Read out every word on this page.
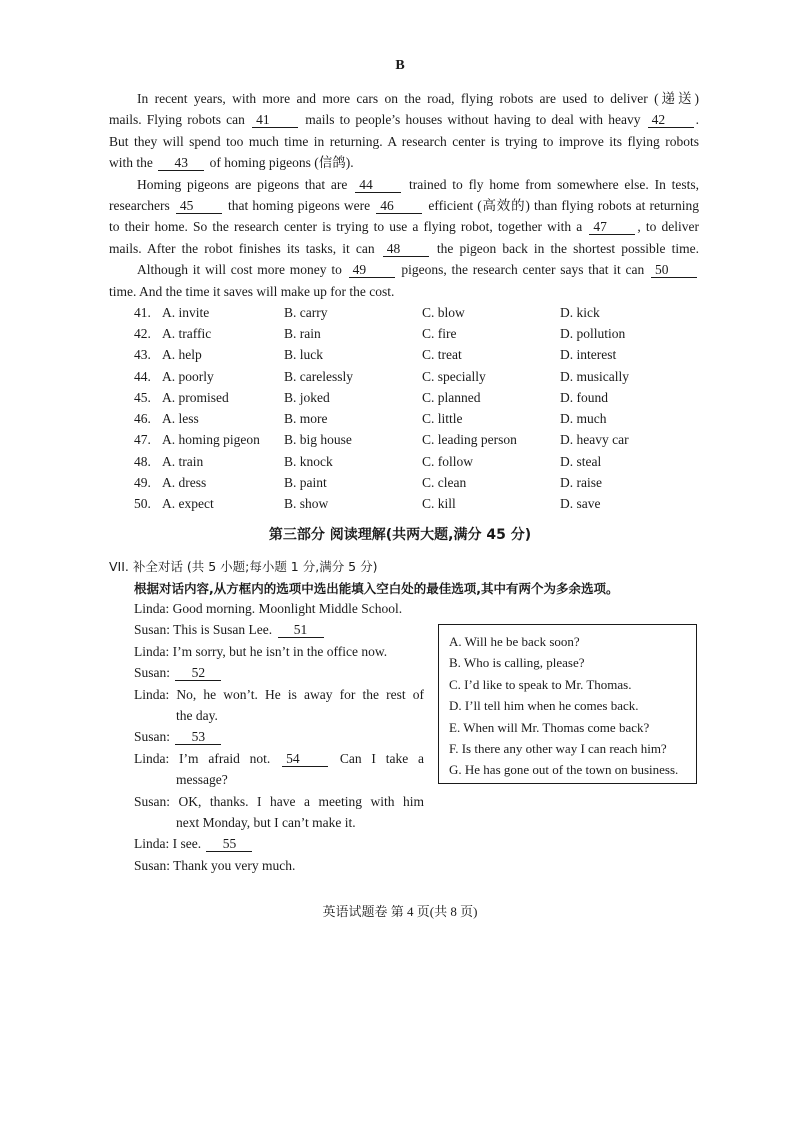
B
In recent years, with more and more cars on the road, flying robots are used to deliver (递送)
mails. Flying robots can 41	mails to people’s houses without having to deal with heavy 42 .
But they will spend too much time in returning. A research center is trying to improve its flying robots
with the 43 of homing pigeons (信鸽).
Homing pigeons are pigeons that are 44	trained to fly home from somewhere else. In tests,
researchers 45	that homing pigeons were 46	efficient (高效的) than flying robots at returning
to their home. So the research center is trying to use a flying robot, together with a 47 , to deliver
mails. After the robot finishes its tasks, it can 48	the pigeon back in the shortest possible time.
Although it will cost more money to 49	pigeons, the research center says that it can 50
time. And the time it saves will make up for the cost.
41. A. invite	B. carry	C. blow	D. kick
42. A. traffic	B. rain	C. fire	D. pollution
43. A. help	B. luck	C. treat	D. interest
44. A. poorly	B. carelessly	C. specially	D. musically
45. A. promised	B. joked	C. planned	D. found
46. A. less	B. more	C. little	D. much
47. A. homing pigeon	B. big house	C. leading person	D. heavy car
48. A. train	B. knock	C. follow	D. steal
49. A. dress	B. paint	C. clean	D. raise
50. A. expect	B. show	C. kill	D. save
第三部分 阅读理解(共两大题,满分 45 分)
VII. 补全对话 (共 5 小题;每小题 1 分,满分 5 分)
根据对话内容,从方框内的选项中选出能填入空白处的最佳选项,其中有两个为多余选项。
Linda: Good morning. Moonlight Middle School.
Susan: This is Susan Lee. 51
Linda: I’m sorry, but he isn’t in the office now.
Susan: 52
Linda: No, he won’t. He is away for the rest of
the day.
Susan: 53
Linda: I’m afraid not. 54	Can I take a
message?
Susan: OK, thanks. I have a meeting with him
next Monday, but I can’t make it.
Linda: I see. 55
Susan: Thank you very much.
A. Will he be back soon?
B. Who is calling, please?
C. I’d like to speak to Mr. Thomas.
D. I’ll tell him when he comes back.
E. When will Mr. Thomas come back?
F. Is there any other way I can reach him?
G. He has gone out of the town on business.
英语试题卷 第 4 页(共 8 页)
